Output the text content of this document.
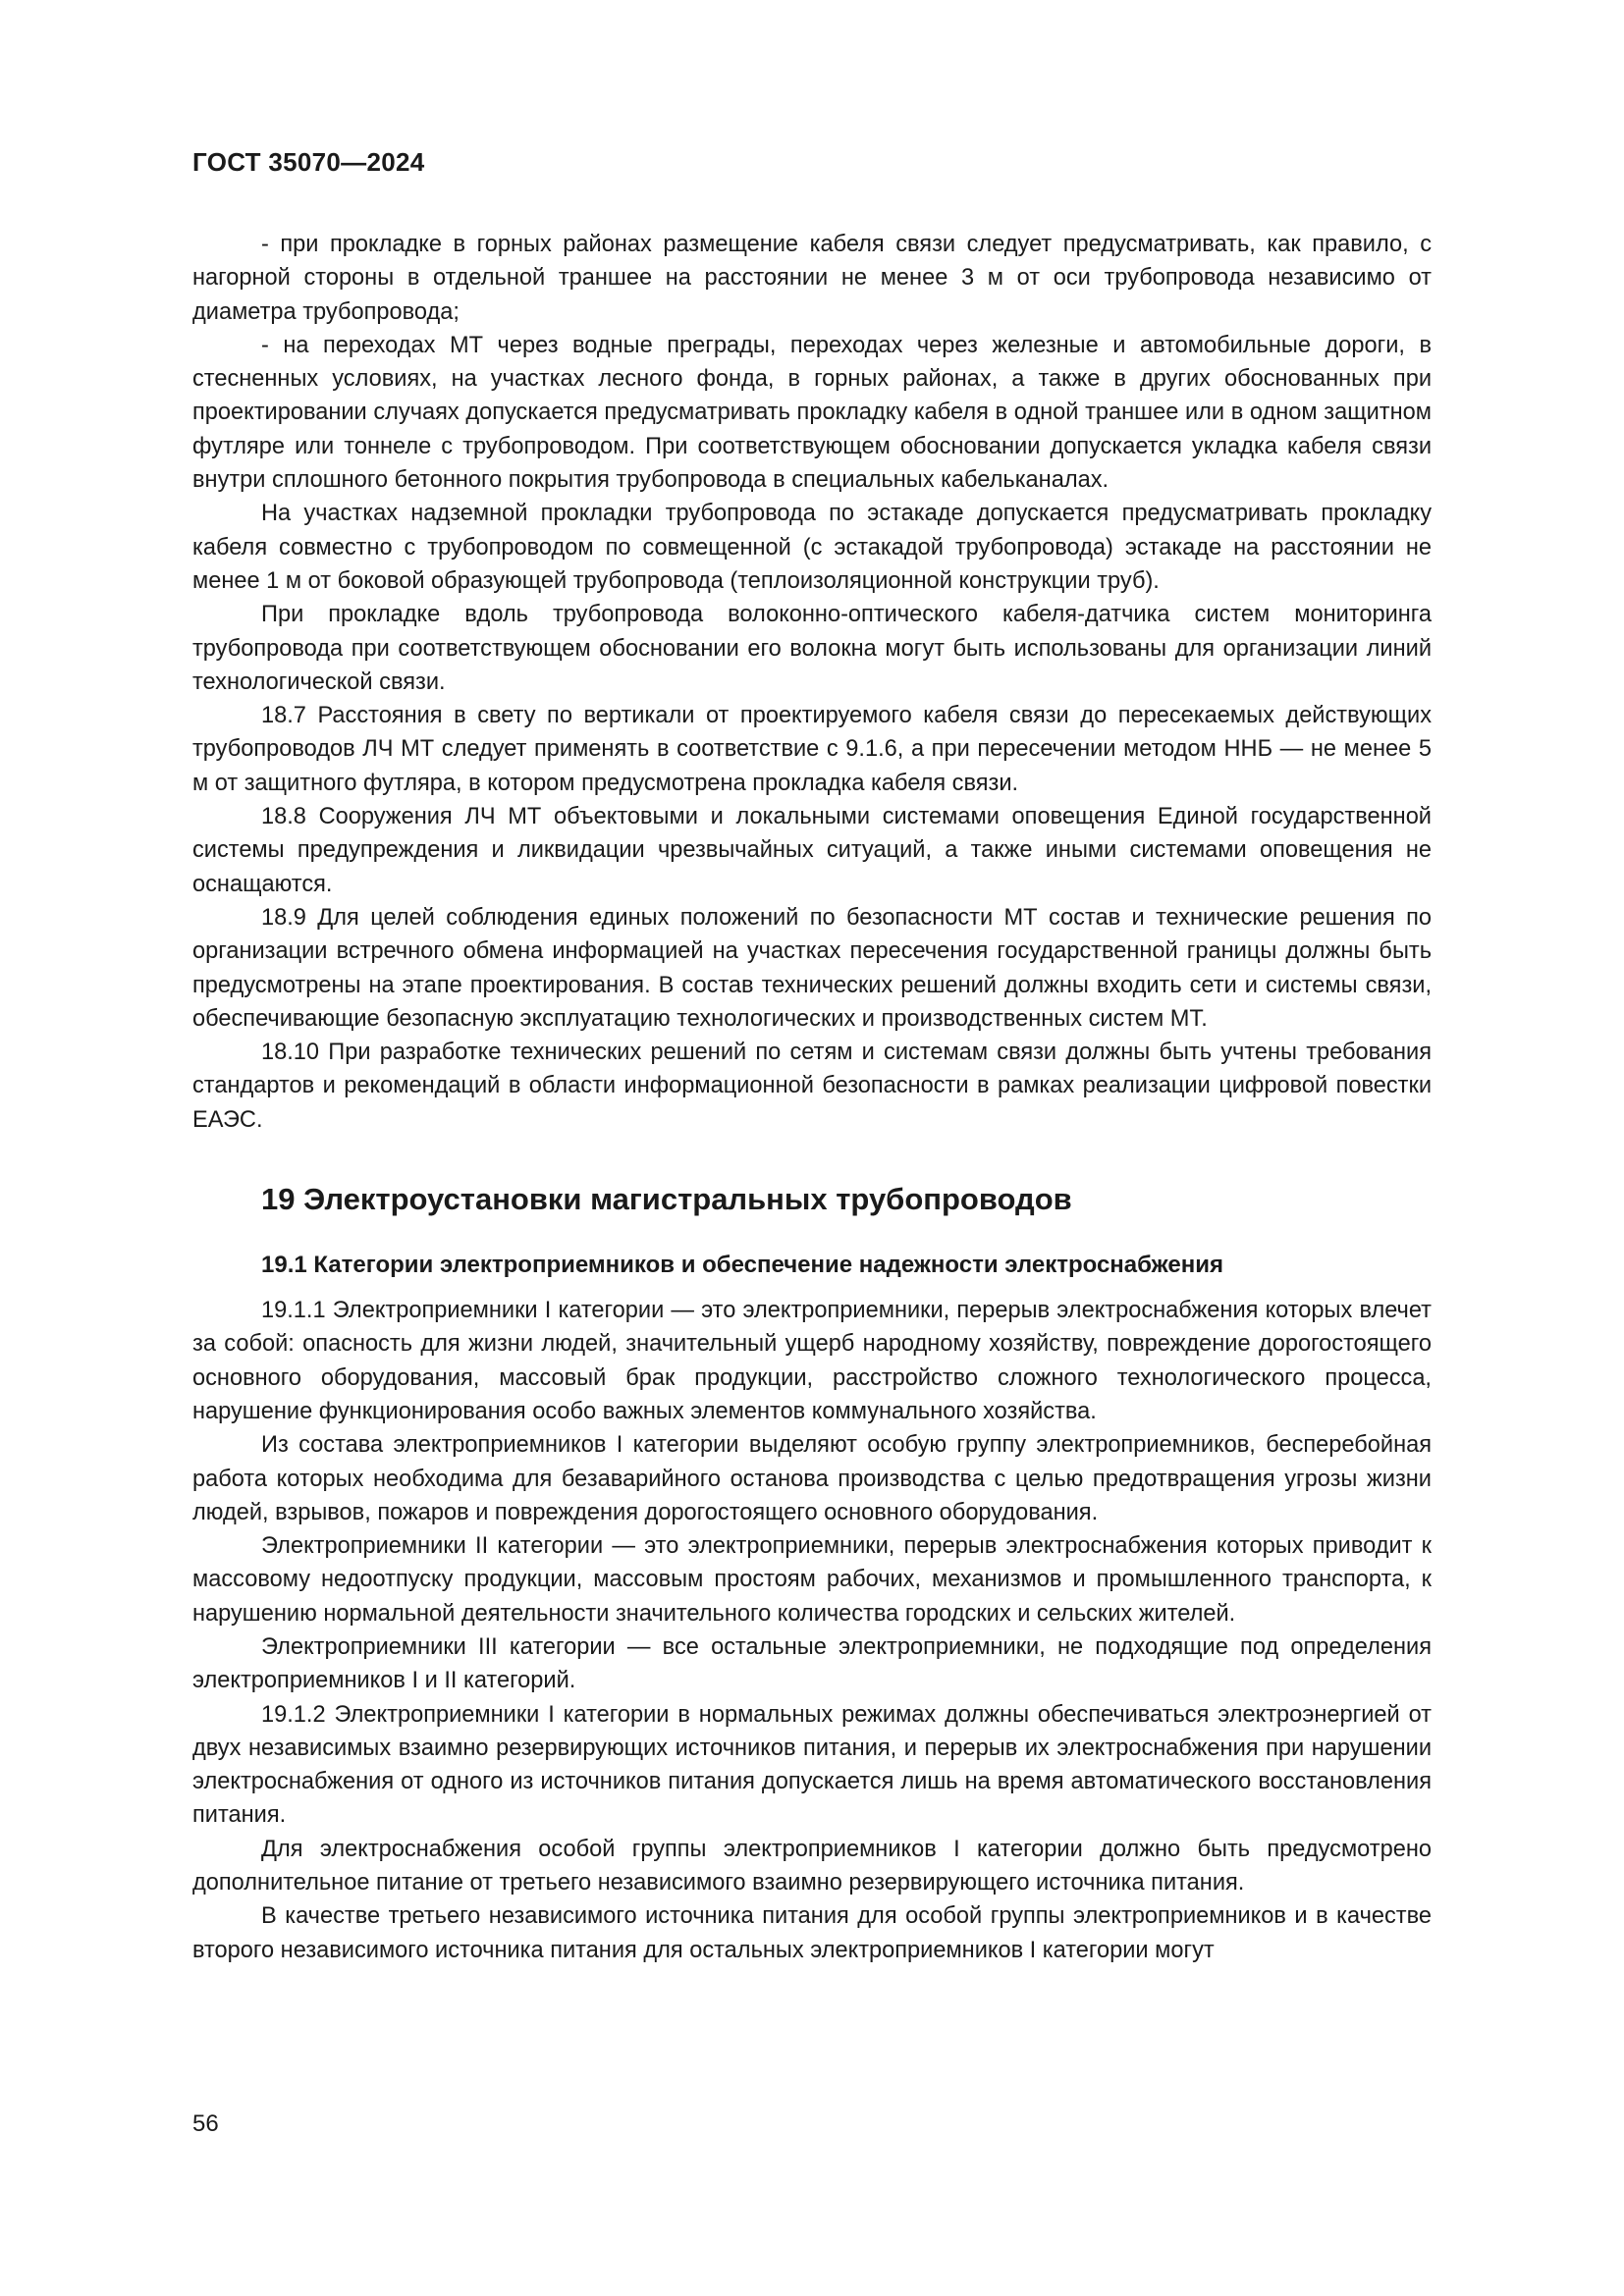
ГОСТ 35070—2024

- при прокладке в горных районах размещение кабеля связи следует предусматривать, как правило, с нагорной стороны в отдельной траншее на расстоянии не менее 3 м от оси трубопровода независимо от диаметра трубопровода;

- на переходах МТ через водные преграды, переходах через железные и автомобильные дороги, в стесненных условиях, на участках лесного фонда, в горных районах, а также в других обоснованных при проектировании случаях допускается предусматривать прокладку кабеля в одной траншее или в одном защитном футляре или тоннеле с трубопроводом. При соответствующем обосновании допускается укладка кабеля связи внутри сплошного бетонного покрытия трубопровода в специальных кабельканалах.

На участках надземной прокладки трубопровода по эстакаде допускается предусматривать прокладку кабеля совместно с трубопроводом по совмещенной (с эстакадой трубопровода) эстакаде на расстоянии не менее 1 м от боковой образующей трубопровода (теплоизоляционной конструкции труб).

При прокладке вдоль трубопровода волоконно-оптического кабеля-датчика систем мониторинга трубопровода при соответствующем обосновании его волокна могут быть использованы для организации линий технологической связи.

18.7 Расстояния в свету по вертикали от проектируемого кабеля связи до пересекаемых действующих трубопроводов ЛЧ МТ следует применять в соответствие с 9.1.6, а при пересечении методом ННБ — не менее 5 м от защитного футляра, в котором предусмотрена прокладка кабеля связи.

18.8 Сооружения ЛЧ МТ объектовыми и локальными системами оповещения Единой государственной системы предупреждения и ликвидации чрезвычайных ситуаций, а также иными системами оповещения не оснащаются.

18.9 Для целей соблюдения единых положений по безопасности МТ состав и технические решения по организации встречного обмена информацией на участках пересечения государственной границы должны быть предусмотрены на этапе проектирования. В состав технических решений должны входить сети и системы связи, обеспечивающие безопасную эксплуатацию технологических и производственных систем МТ.

18.10 При разработке технических решений по сетям и системам связи должны быть учтены требования стандартов и рекомендаций в области информационной безопасности в рамках реализации цифровой повестки ЕАЭС.

19 Электроустановки магистральных трубопроводов
19.1 Категории электроприемников и обеспечение надежности электроснабжения

19.1.1 Электроприемники I категории — это электроприемники, перерыв электроснабжения которых влечет за собой: опасность для жизни людей, значительный ущерб народному хозяйству, повреждение дорогостоящего основного оборудования, массовый брак продукции, расстройство сложного технологического процесса, нарушение функционирования особо важных элементов коммунального хозяйства.

Из состава электроприемников I категории выделяют особую группу электроприемников, бесперебойная работа которых необходима для безаварийного останова производства с целью предотвращения угрозы жизни людей, взрывов, пожаров и повреждения дорогостоящего основного оборудования.

Электроприемники II категории — это электроприемники, перерыв электроснабжения которых приводит к массовому недоотпуску продукции, массовым простоям рабочих, механизмов и промышленного транспорта, к нарушению нормальной деятельности значительного количества городских и сельских жителей.

Электроприемники III категории — все остальные электроприемники, не подходящие под определения электроприемников I и II категорий.

19.1.2 Электроприемники I категории в нормальных режимах должны обеспечиваться электроэнергией от двух независимых взаимно резервирующих источников питания, и перерыв их электроснабжения при нарушении электроснабжения от одного из источников питания допускается лишь на время автоматического восстановления питания.

Для электроснабжения особой группы электроприемников I категории должно быть предусмотрено дополнительное питание от третьего независимого взаимно резервирующего источника питания.

В качестве третьего независимого источника питания для особой группы электроприемников и в качестве второго независимого источника питания для остальных электроприемников I категории могут

56
